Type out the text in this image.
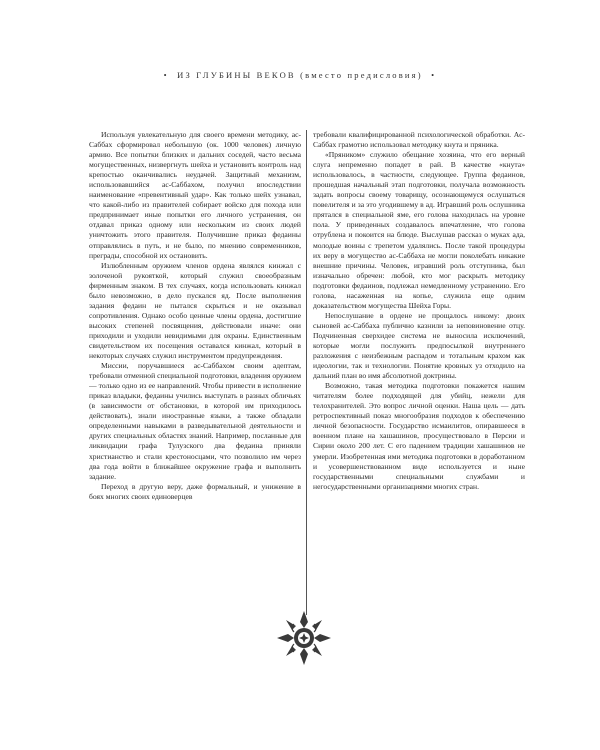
• ИЗ ГЛУБИНЫ ВЕКОВ (вместо предисловия) •

Используя увлекательную для своего времени методику, ас-Саббах сформировал небольшую (ок. 1000 человек) личную армию. Все попытки близких и дальних соседей, часто весьма могущественных, низвергнуть шейха и установить контроль над крепостью оканчивались неудачей. Защитный механизм, использовавшийся ас-Саббахом, получил впоследствии наименование «превентивный удар». Как только шейх узнавал, что какой-либо из правителей собирает войско для похода или предпринимает иные попытки его личного устранения, он отдавал приказ одному или нескольким из своих людей уничтожить этого правителя. Получившие приказ федаины отправлялись в путь, и не было, по мнению современников, преграды, способной их остановить.

Излюбленным оружием членов ордена являлся кинжал с золоченой рукояткой, который служил своеобразным фирменным знаком. В тех случаях, когда использовать кинжал было невозможно, в дело пускался яд. После выполнения задания федаин не пытался скрыться и не оказывал сопротивления. Однако особо ценные члены ордена, достигшие высоких степеней посвящения, действовали иначе: они приходили и уходили невидимыми для охраны. Единственным свидетельством их посещения оставался кинжал, который в некоторых случаях служил инструментом предупреждения.

Миссии, поручавшиеся ас-Саббахом своим адептам, требовали отменной специальной подготовки, владения оружием — только одно из ее направлений. Чтобы привести в исполнение приказ владыки, федаины учились выступать в разных обличьях (в зависимости от обстановки, в которой им приходилось действовать), знали иностранные языки, а также обладали определенными навыками в разведывательной деятельности и других специальных областях знаний. Например, посланные для ликвидации графа Тулузского два федаина приняли христианство и стали крестоносцами, что позволило им через два года войти в ближайшее окружение графа и выполнить задание.

Переход в другую веру, даже формальный, и унижение в боях многих своих единоверцев

требовали квалифицированной психологической обработки. Ас-Саббах грамотно использовал методику кнута и пряника.

«Пряником» служило обещание хозяина, что его верный слуга непременно попадет в рай. В качестве «кнута» использовалось, в частности, следующее. Группа федаинов, прошедшая начальный этап подготовки, получала возможность задать вопросы своему товарищу, осознающемуся ослушаться повелителя и за это угодившему в ад. Игравший роль ослушника прятался в специальной яме, его голова находилась на уровне пола. У приведенных создавалось впечатление, что голова отрублена и покоится на блюде. Выслушав рассказ о муках ада, молодые воины с трепетом удалялись. После такой процедуры их веру в могущество ас-Саббаха не могли поколебать никакие внешние причины. Человек, игравший роль отступника, был изначально обречен: любой, кто мог раскрыть методику подготовки федаинов, подлежал немедленному устранению. Его голова, насаженная на копье, служила еще одним доказательством могущества Шейха Горы.

Непослушание в ордене не прощалось никому: двоих сыновей ас-Саббаха публично казнили за неповиновение отцу. Подчиненная сверхидее система не выносила исключений, которые могли послужить предпосылкой внутреннего разложения с неизбежным распадом и тотальным крахом как идеологии, так и технологии. Понятие кровных уз отходило на дальний план во имя абсолютной доктрины.

Возможно, такая методика подготовки покажется нашим читателям более подходящей для убийц, нежели для телохранителей. Это вопрос личной оценки. Наша цель — дать ретроспективный показ многообразия подходов к обеспечению личной безопасности. Государство исмаилитов, опиравшееся в военном плане на хашашинов, просуществовало в Персии и Сирии около 200 лет. С его падением традиции хашашинов не умерли. Изобретенная ими методика подготовки в доработанном и усовершенствованном виде используется и ныне государственными специальными службами и негосударственными организациями многих стран.
